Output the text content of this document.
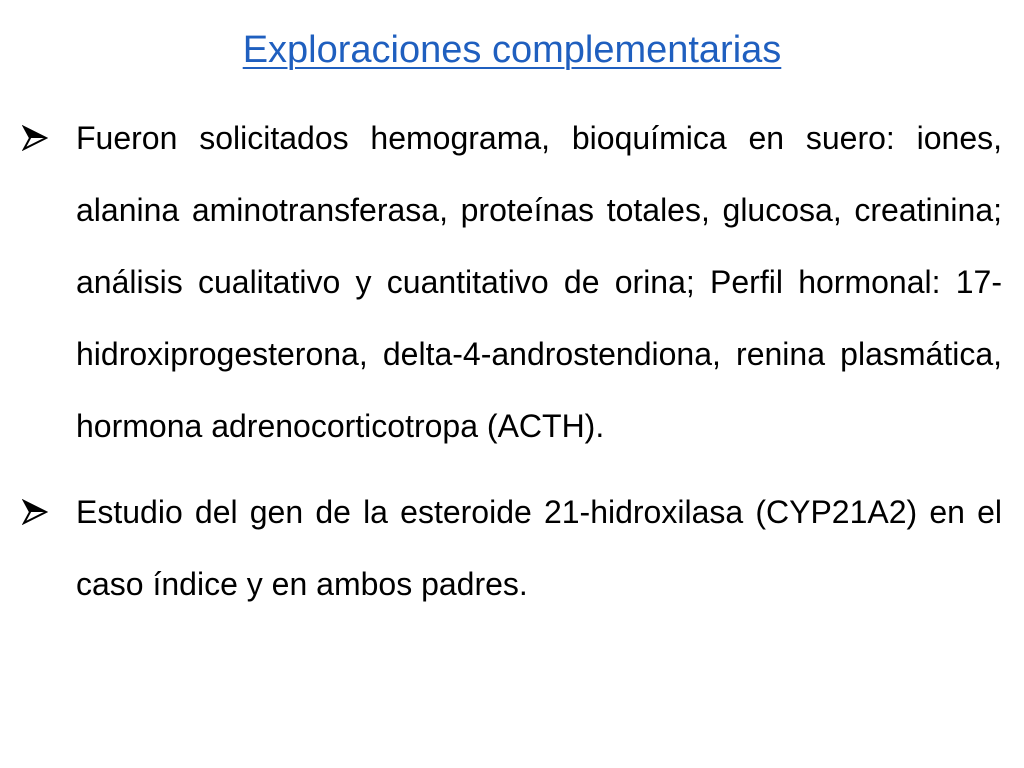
Exploraciones complementarias
Fueron solicitados hemograma, bioquímica en suero: iones, alanina aminotransferasa, proteínas totales, glucosa, creatinina; análisis cualitativo y cuantitativo de orina; Perfil hormonal: 17-hidroxiprogesterona, delta-4-androstendiona, renina plasmática, hormona adrenocorticotropa (ACTH).
Estudio del gen de la esteroide 21-hidroxilasa (CYP21A2) en el caso índice y en ambos padres.
